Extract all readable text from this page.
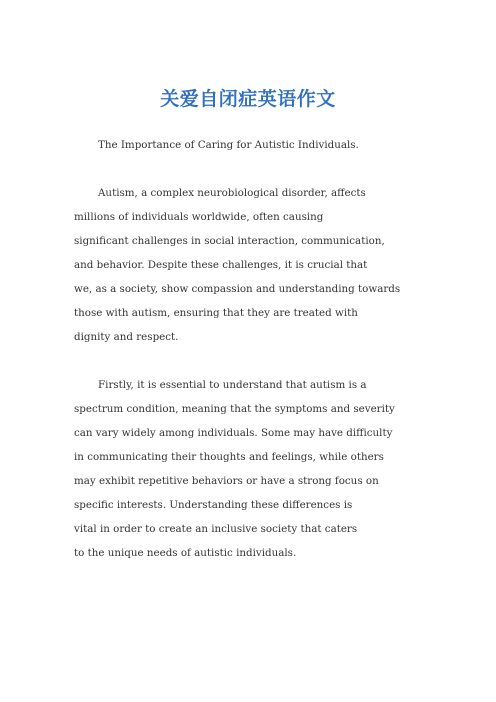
关爱自闭症英语作文
The Importance of Caring for Autistic Individuals.
Autism, a complex neurobiological disorder, affects
millions of individuals worldwide, often causing
significant challenges in social interaction, communication,
and behavior. Despite these challenges, it is crucial that
we, as a society, show compassion and understanding towards
those with autism, ensuring that they are treated with
dignity and respect.
Firstly, it is essential to understand that autism is a
spectrum condition, meaning that the symptoms and severity
can vary widely among individuals. Some may have difficulty
in communicating their thoughts and feelings, while others
may exhibit repetitive behaviors or have a strong focus on
specific interests. Understanding these differences is
vital in order to create an inclusive society that caters
to the unique needs of autistic individuals.
